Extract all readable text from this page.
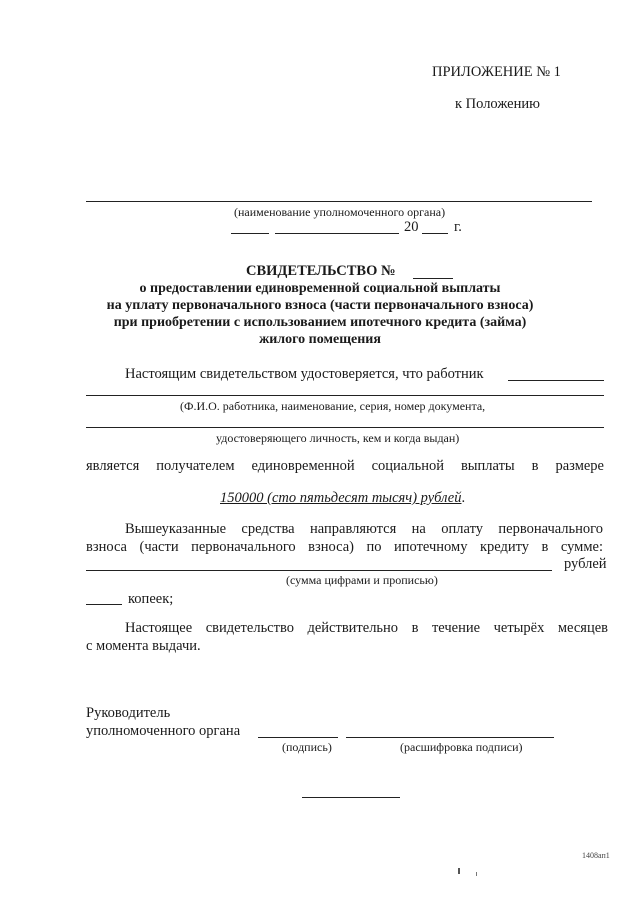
ПРИЛОЖЕНИЕ № 1
к Положению
(наименование уполномоченного органа)
20 г.
СВИДЕТЕЛЬСТВО №
о предоставлении единовременной социальной выплаты
на уплату первоначального взноса (части первоначального взноса)
при приобретении с использованием ипотечного кредита (займа)
жилого помещения
Настоящим свидетельством удостоверяется, что работник
(Ф.И.О. работника, наименование, серия, номер документа,
удостоверяющего личность, кем и когда выдан)
является получателем единовременной социальной выплаты в размере
150000 (сто пятьдесят тысяч) рублей.
Вышеуказанные средства направляются на оплату первоначального
взноса (части первоначального взноса) по ипотечному кредиту в сумме:
рублей
(сумма цифрами и прописью)
копеек;
Настоящее свидетельство действительно в течение четырёх месяцев
с момента выдачи.
Руководитель
уполномоченного органа
(подпись)	(расшифровка подписи)
1408ап1
